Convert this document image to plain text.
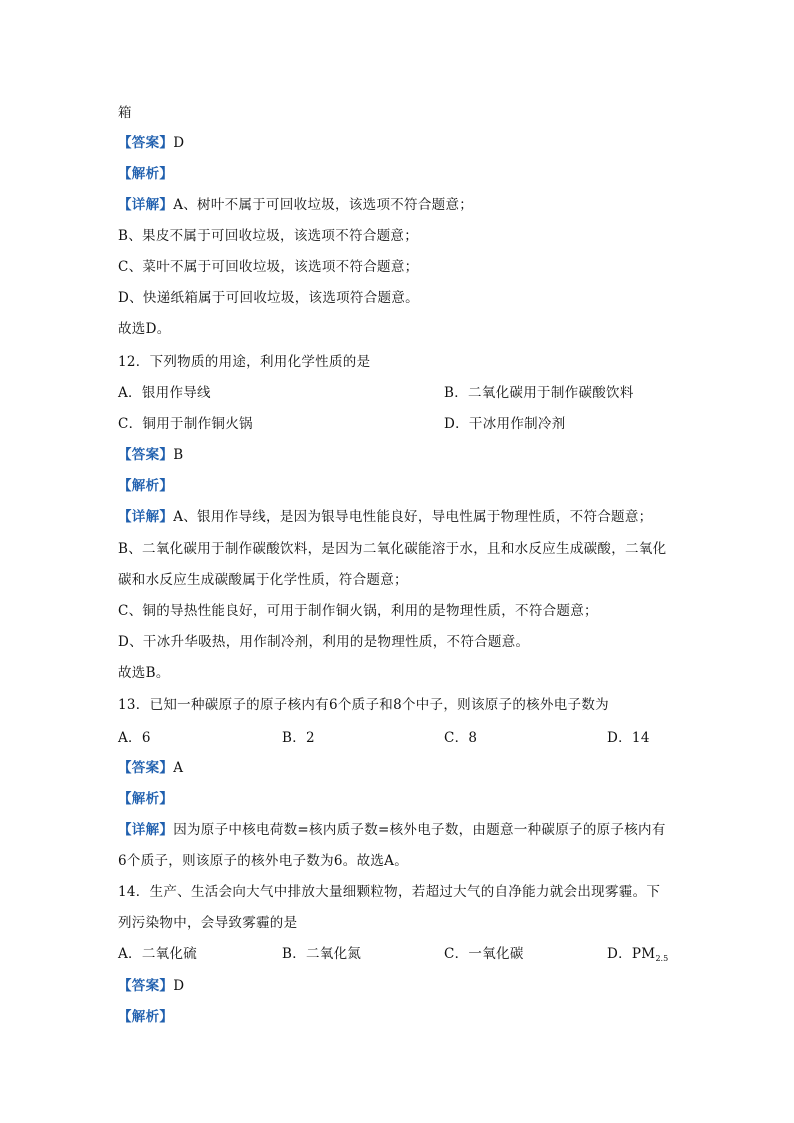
箱
【答案】D
【解析】
【详解】A、树叶不属于可回收垃圾，该选项不符合题意；
B、果皮不属于可回收垃圾，该选项不符合题意；
C、菜叶不属于可回收垃圾，该选项不符合题意；
D、快递纸箱属于可回收垃圾，该选项符合题意。
故选D。
12．下列物质的用途，利用化学性质的是
A．银用作导线	B．二氧化碳用于制作碳酸饮料
C．铜用于制作铜火锅	D．干冰用作制冷剂
【答案】B
【解析】
【详解】A、银用作导线，是因为银导电性能良好，导电性属于物理性质，不符合题意；
B、二氧化碳用于制作碳酸饮料，是因为二氧化碳能溶于水，且和水反应生成碳酸，二氧化
碳和水反应生成碳酸属于化学性质，符合题意；
C、铜的导热性能良好，可用于制作铜火锅，利用的是物理性质，不符合题意；
D、干冰升华吸热，用作制冷剂，利用的是物理性质，不符合题意。
故选B。
13．已知一种碳原子的原子核内有6个质子和8个中子，则该原子的核外电子数为
A．6	B．2	C．8	D．14
【答案】A
【解析】
【详解】因为原子中核电荷数=核内质子数=核外电子数，由题意一种碳原子的原子核内有
6个质子，则该原子的核外电子数为6。故选A。
14．生产、生活会向大气中排放大量细颗粒物，若超过大气的自净能力就会出现雾霾。下
列污染物中，会导致雾霾的是
A．二氧化硫	B．二氧化氮	C．一氧化碳	D．$PM_{2.5}$
【答案】D
【解析】
